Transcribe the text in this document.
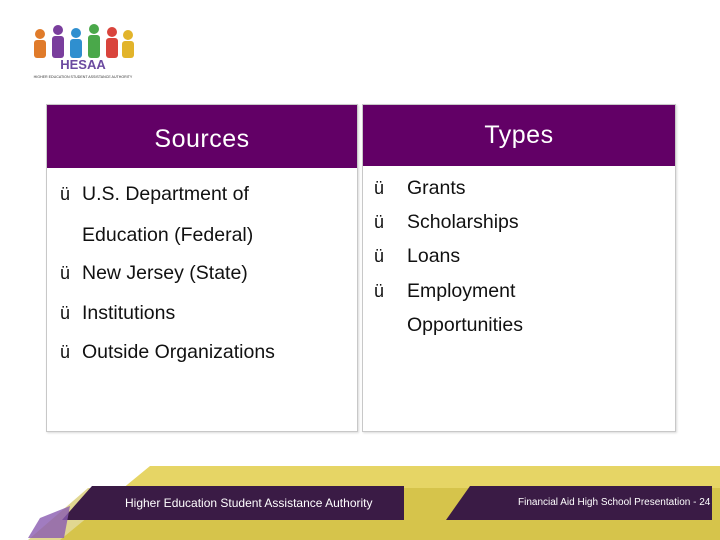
HESAA
HIGHER EDUCATION STUDENT ASSISTANCE AUTHORITY
Sources	Types
ü U.S. Department of
Education (Federal)
ü New Jersey (State)
ü Institutions
ü Outside Organizations
ü Grants
ü Scholarships
ü Loans
ü Employment
Opportunities
Higher Education Student Assistance Authority	Financial Aid High School Presentation - 24
